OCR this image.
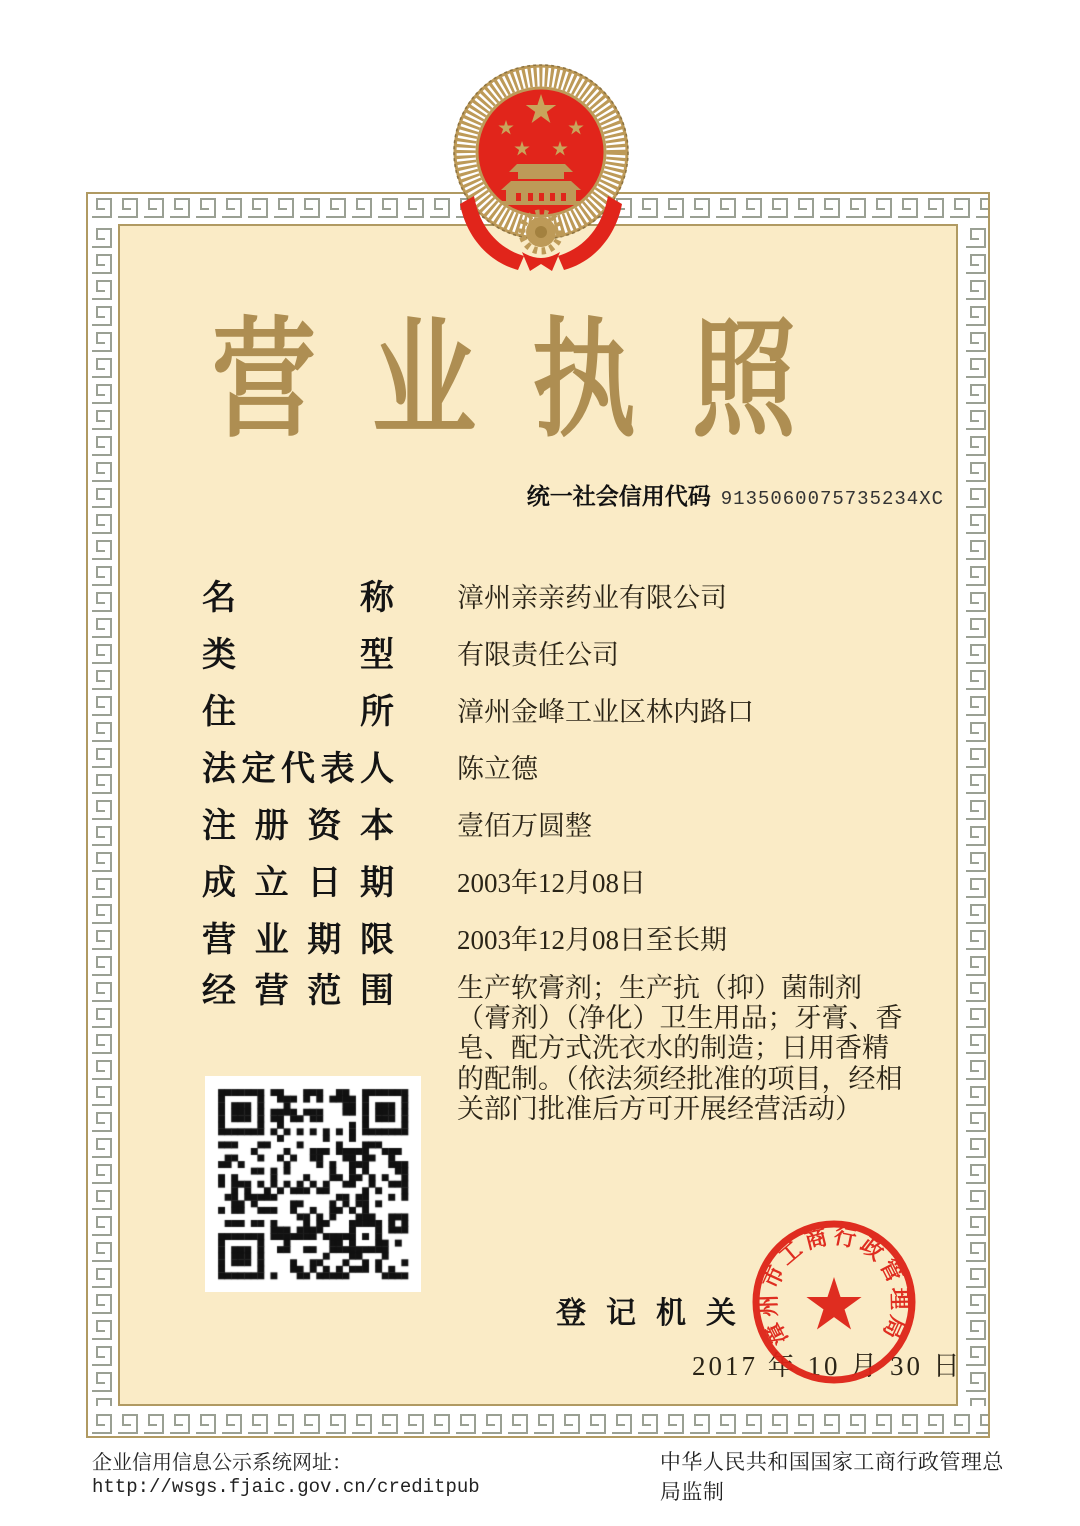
营 业 执 照
统一社会信用代码 9135060075735234XC
名	称 漳州亲亲药业有限公司
类	型 有限责任公司
住	所 漳州金峰工业区林内路口
法 定 代 表 人 陈立德
注 册 资 本 壹佰万圆整
成 立 日 期 2003年12月08日
营 业 期 限 2003年12月08日至长期
经 营 范 围 生产软膏剂；生产抗（抑）菌制剂（膏剂）（净化）卫生用品；牙膏、香皂、配方式洗衣水的制造；日用香精的配制。（依法须经批准的项目，经相关部门批准后方可开展经营活动）
登记机关
2017 年 10 月 30 日
漳州市工商行政管理局
企业信用信息公示系统网址：http://wsgs.fjaic.gov.cn/creditpub
中华人民共和国国家工商行政管理总局监制
